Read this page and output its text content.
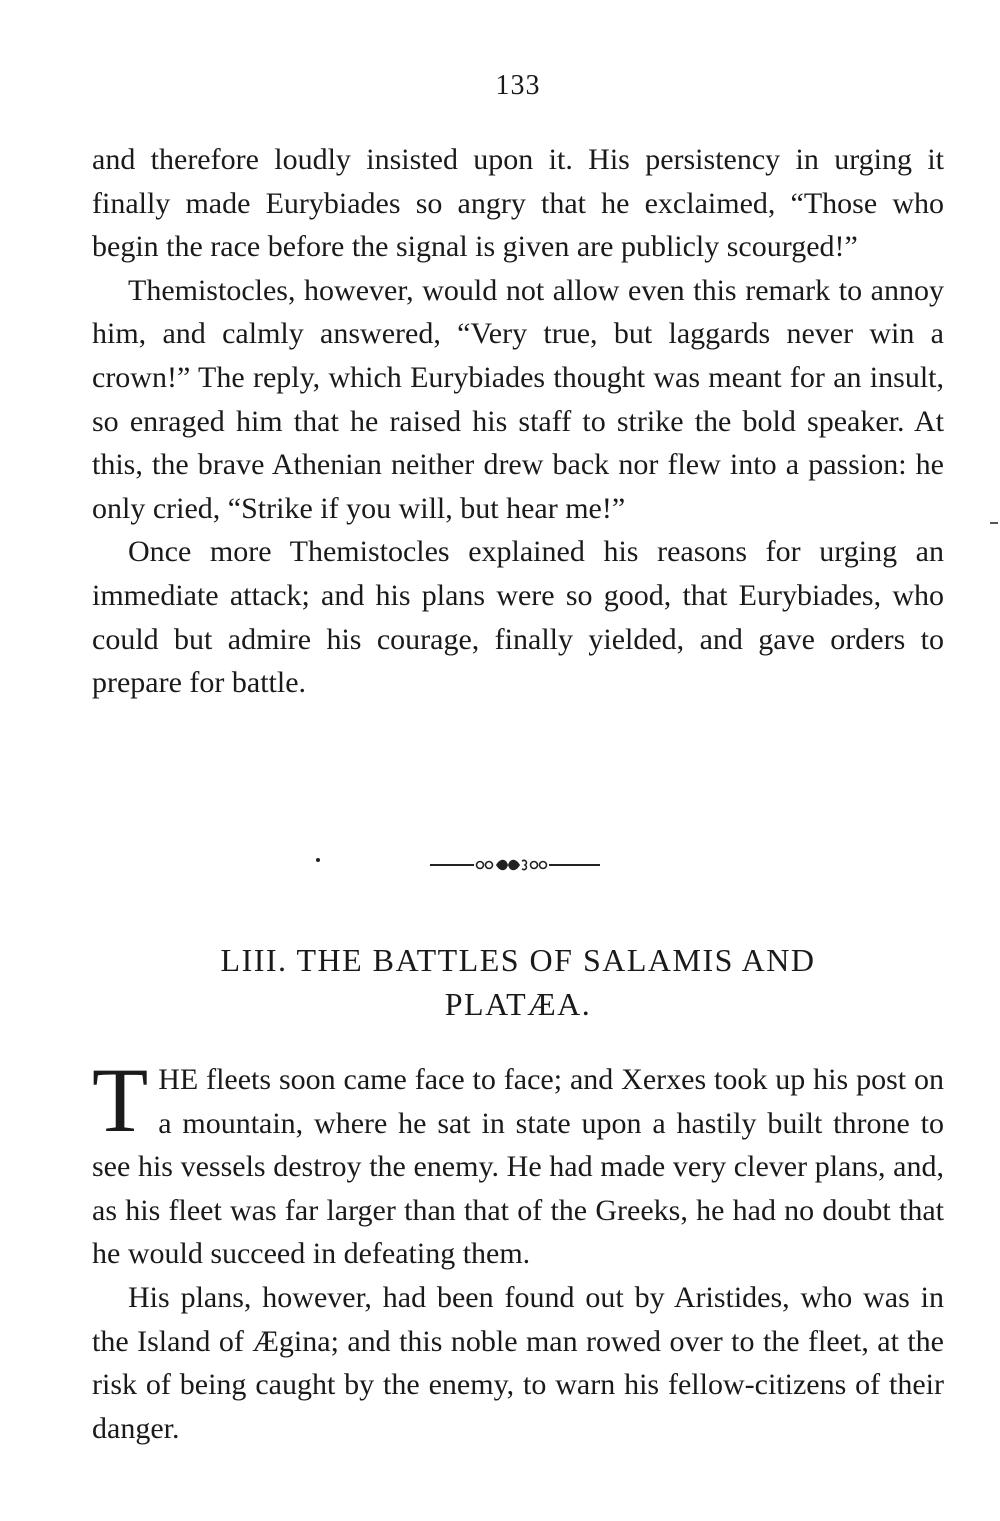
133

and therefore loudly insisted upon it. His persistency in urging it finally made Eurybiades so angry that he exclaimed, “Those who begin the race before the signal is given are publicly scourged!”

Themistocles, however, would not allow even this remark to annoy him, and calmly answered, “Very true, but laggards never win a crown!” The reply, which Eurybiades thought was meant for an insult, so enraged him that he raised his staff to strike the bold speaker. At this, the brave Athenian neither drew back nor flew into a passion: he only cried, “Strike if you will, but hear me!”

Once more Themistocles explained his reasons for urging an immediate attack; and his plans were so good, that Eurybiades, who could but admire his courage, finally yielded, and gave orders to prepare for battle.

LIII. THE BATTLES OF SALAMIS AND
PLATÆA.

THE fleets soon came face to face; and Xerxes took up his post on a mountain, where he sat in state upon a hastily built throne to see his vessels destroy the enemy. He had made very clever plans, and, as his fleet was far larger than that of the Greeks, he had no doubt that he would succeed in defeating them.

His plans, however, had been found out by Aristides, who was in the Island of Ægina; and this noble man rowed over to the fleet, at the risk of being caught by the enemy, to warn his fellow-citizens of their danger.
